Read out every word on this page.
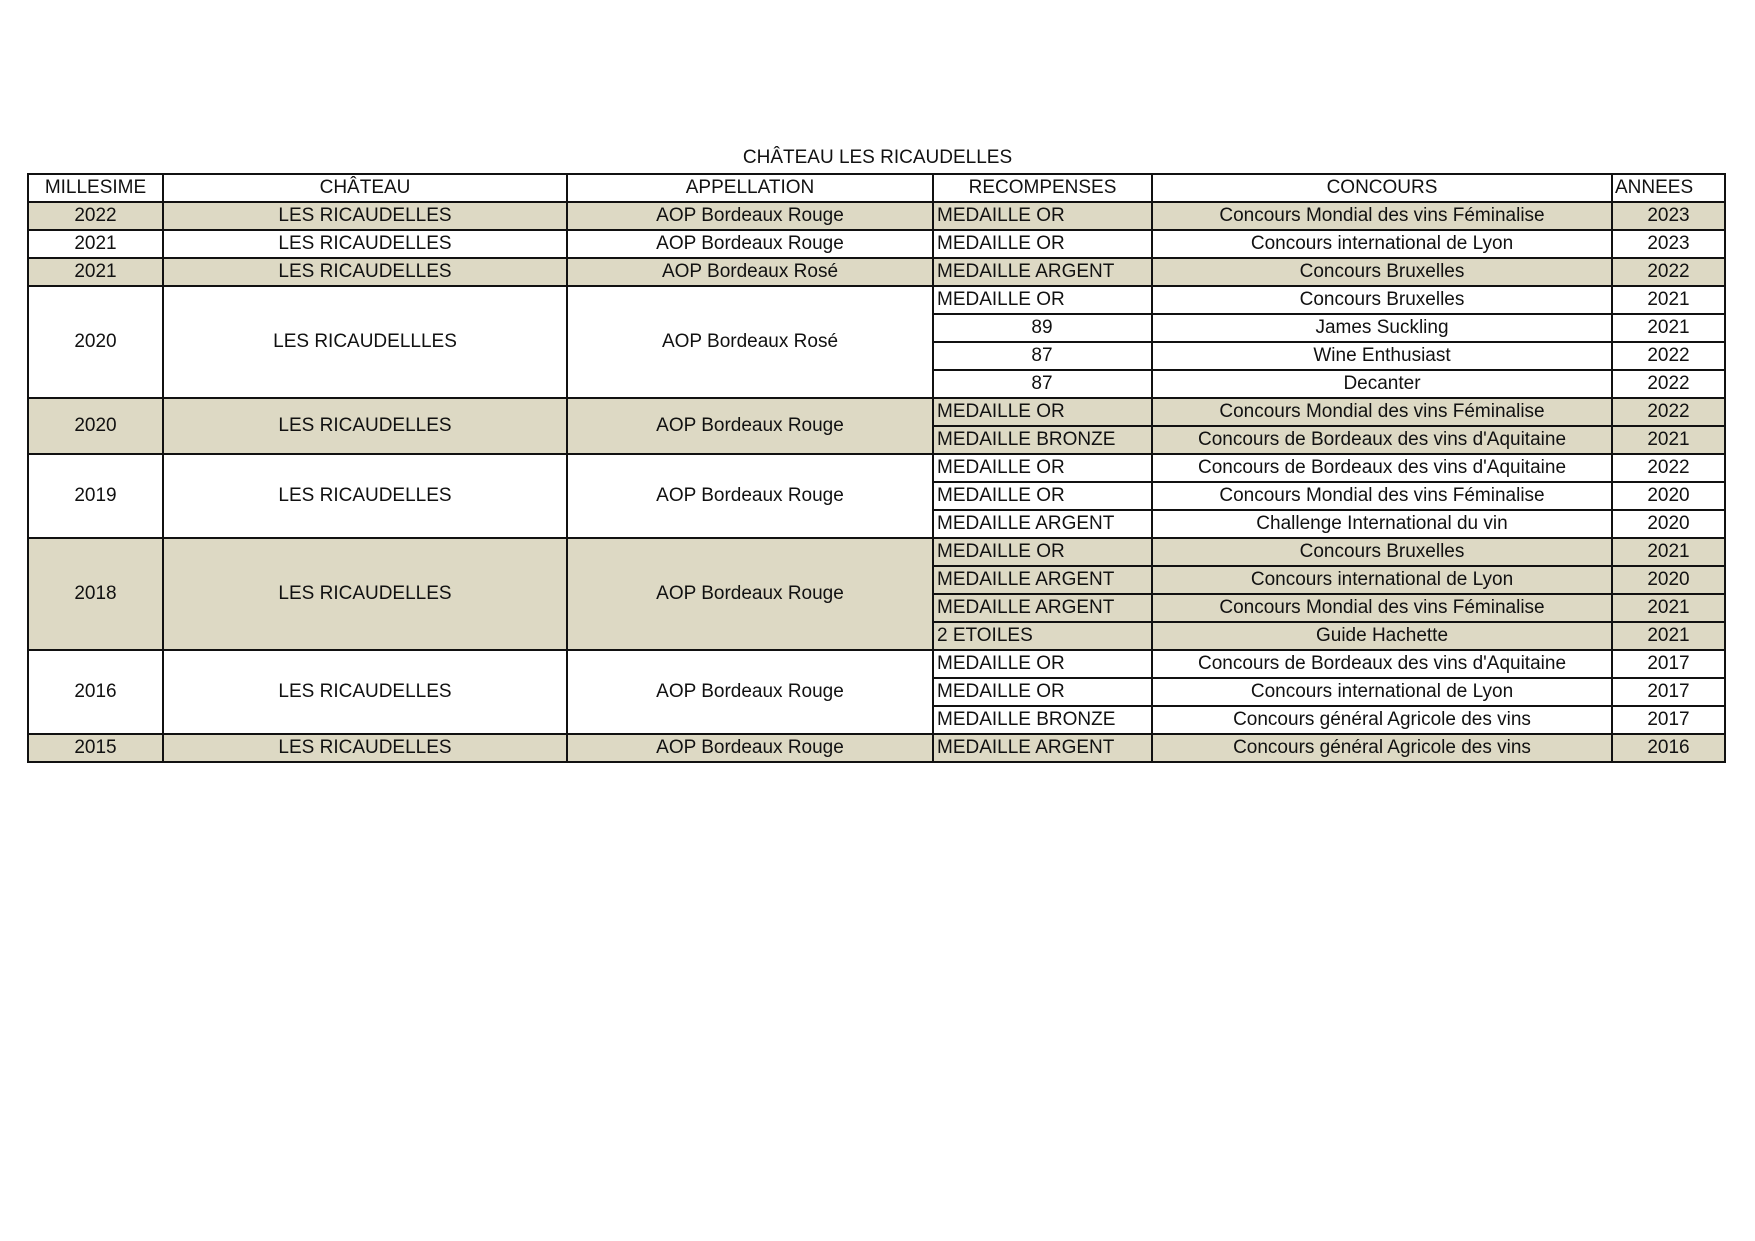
CHÂTEAU LES RICAUDELLES
MILLESIME	CHÂTEAU	APPELLATION	RECOMPENSES	CONCOURS	ANNEES
2022	LES RICAUDELLES	AOP Bordeaux Rouge	MEDAILLE OR	Concours Mondial des vins Féminalise	2023
2021	LES RICAUDELLES	AOP Bordeaux Rouge	MEDAILLE OR	Concours international de Lyon	2023
2021	LES RICAUDELLES	AOP Bordeaux Rosé	MEDAILLE ARGENT	Concours Bruxelles	2022
2020	LES RICAUDELLLES	AOP Bordeaux Rosé	MEDAILLE OR	Concours Bruxelles	2021
			89	James Suckling	2021
			87	Wine Enthusiast	2022
			87	Decanter	2022
2020	LES RICAUDELLES	AOP Bordeaux Rouge	MEDAILLE OR	Concours Mondial des vins Féminalise	2022
			MEDAILLE BRONZE	Concours de Bordeaux des vins d'Aquitaine	2021
2019	LES RICAUDELLES	AOP Bordeaux Rouge	MEDAILLE OR	Concours de Bordeaux des vins d'Aquitaine	2022
			MEDAILLE OR	Concours Mondial des vins Féminalise	2020
			MEDAILLE ARGENT	Challenge International du vin	2020
2018	LES RICAUDELLES	AOP Bordeaux Rouge	MEDAILLE OR	Concours Bruxelles	2021
			MEDAILLE ARGENT	Concours international de Lyon	2020
			MEDAILLE ARGENT	Concours Mondial des vins Féminalise	2021
			2 ETOILES	Guide Hachette	2021
2016	LES RICAUDELLES	AOP Bordeaux Rouge	MEDAILLE OR	Concours de Bordeaux des vins d'Aquitaine	2017
			MEDAILLE OR	Concours international de Lyon	2017
			MEDAILLE BRONZE	Concours général Agricole des vins	2017
2015	LES RICAUDELLES	AOP Bordeaux Rouge	MEDAILLE ARGENT	Concours général Agricole des vins	2016
